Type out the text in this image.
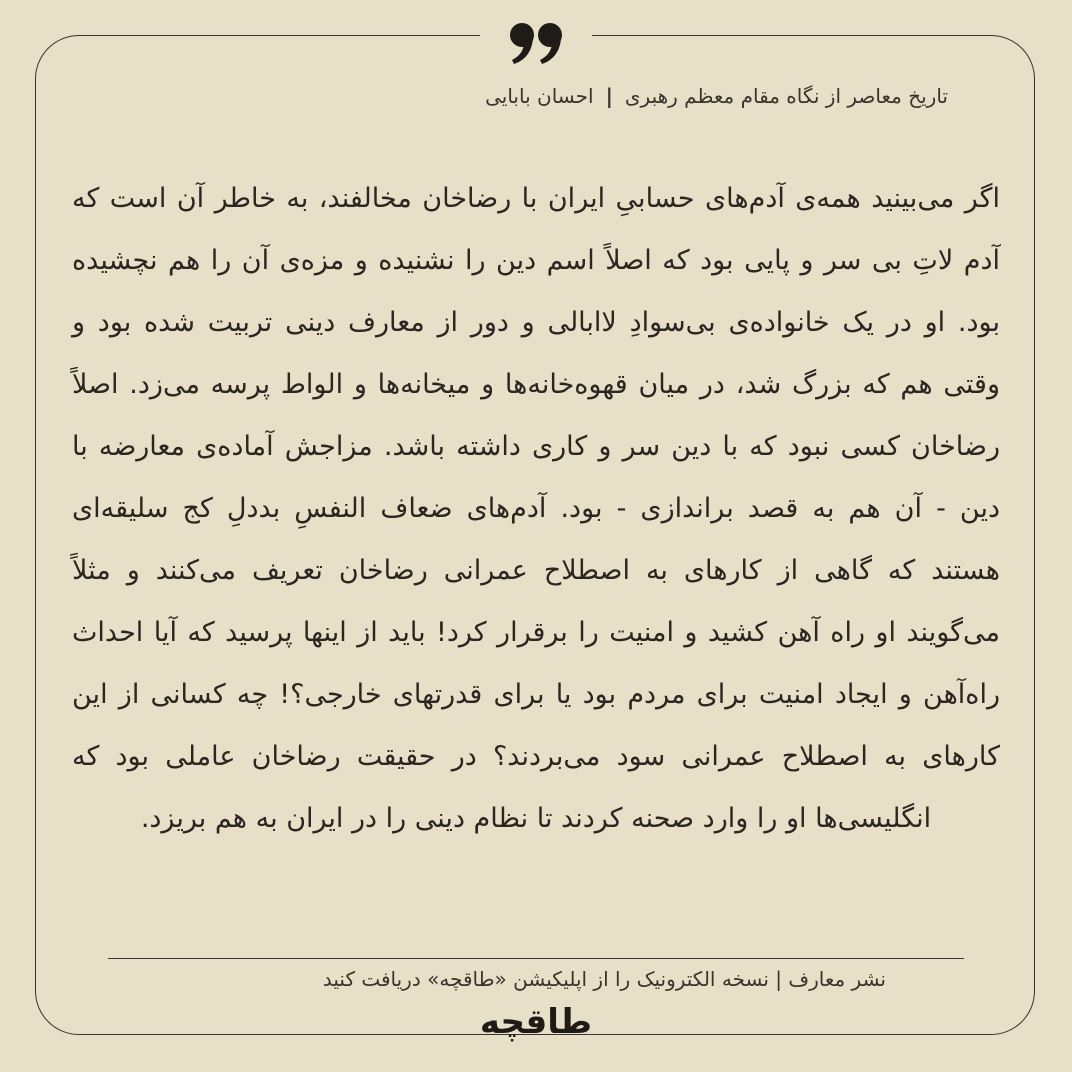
تاریخ معاصر از نگاه مقام معظم رهبری|احسان بابایی
اگر می‌بینید همه‌ی آدم‌های حسابیِ ایران با رضاخان مخالفند، به خاطر آن است که آدم لاتِ بی سر و پایی بود که اصلاً اسم دین را نشنیده و مزه‌ی آن را هم نچشیده بود. او در یک خانواده‌ی بی‌سوادِ لاابالی و دور از معارف دینی تربیت شده بود و وقتی هم که بزرگ شد، در میان قهوه‌خانه‌ها و میخانه‌ها و الواط پرسه می‌زد. اصلاً رضاخان کسی نبود که با دین سر و کاری داشته باشد. مزاجش آماده‌ی معارضه با دین - آن هم به قصد براندازی - بود. آدم‌های ضعاف النفسِ بددلِ کج سلیقه‌ای هستند که گاهی از کارهای به اصطلاح عمرانی رضاخان تعریف می‌کنند و مثلاً می‌گویند او راه آهن کشید و امنیت را برقرار کرد! باید از اینها پرسید که آیا احداث راه‌آهن و ایجاد امنیت برای مردم بود یا برای قدرتهای خارجی؟! چه کسانی از این کارهای به اصطلاح عمرانی سود می‌بردند؟ در حقیقت رضاخان عاملی بود که انگلیسی‌ها او را وارد صحنه کردند تا نظام دینی را در ایران به هم بریزد.
نشر معارف | نسخه الکترونیک را از اپلیکیشن «طاقچه» دریافت کنید
طاقچه
